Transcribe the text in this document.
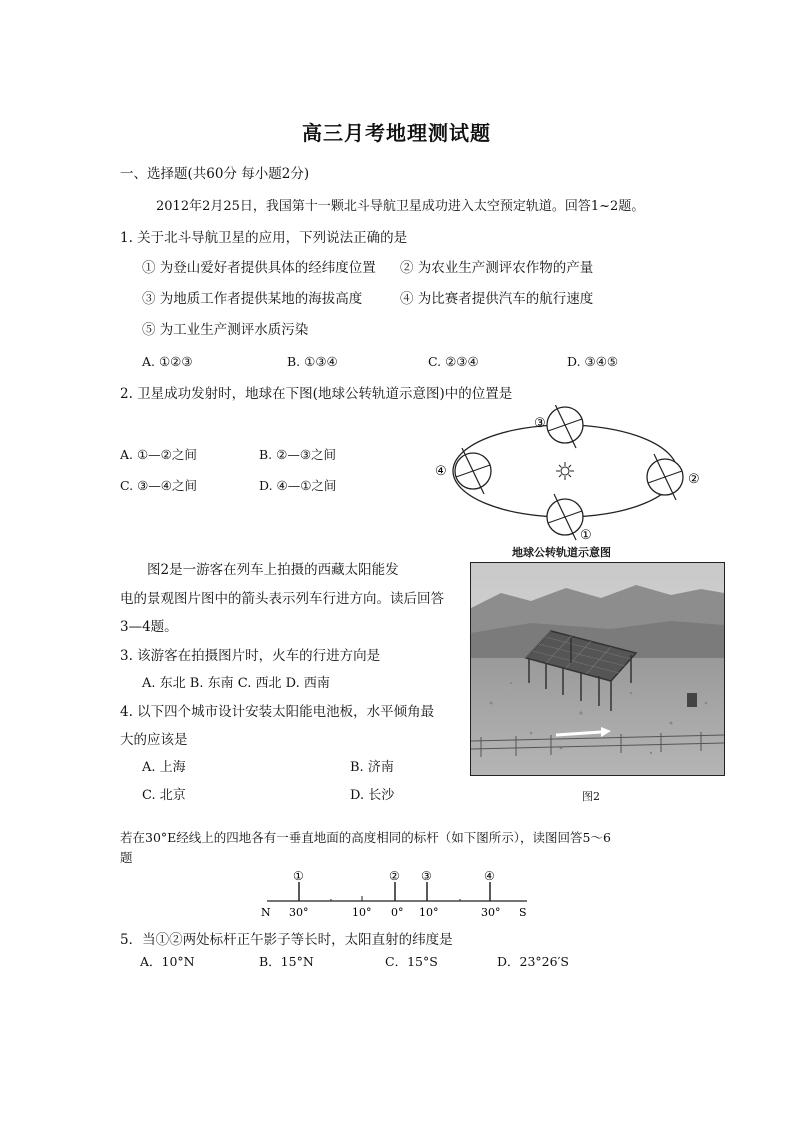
高三月考地理测试题
一、选择题(共60分 每小题2分)
2012年2月25日，我国第十一颗北斗导航卫星成功进入太空预定轨道。回答1~2题。
1. 关于北斗导航卫星的应用，下列说法正确的是
① 为登山爱好者提供具体的经纬度位置 ② 为农业生产测评农作物的产量
③ 为地质工作者提供某地的海拔高度	④ 为比赛者提供汽车的航行速度
⑤ 为工业生产测评水质污染
A. ①②③	B. ①③④	C. ②③④	D. ③④⑤
2. 卫星成功发射时，地球在下图(地球公转轨道示意图)中的位置是
A. ①—②之间	B. ②—③之间
C. ③—④之间	D. ④—①之间
③
①
④
②
地球公转轨道示意图
图2是一游客在列车上拍摄的西藏太阳能发
电的景观图片图中的箭头表示列车行进方向。读后回答
3—4题。
3. 该游客在拍摄图片时，火车的行进方向是
A. 东北 B. 东南 C. 西北 D. 西南
4. 以下四个城市设计安装太阳能电池板，水平倾角最
大的应该是
A. 上海	B. 济南
C. 北京	D. 长沙	图2
若在30°E经线上的四地各有一垂直地面的高度相同的标杆（如下图所示），读图回答5～6
题
①	② ③	④
N 30°	10° 0° 10°	30° S
5．当①②两处标杆正午影子等长时，太阳直射的纬度是
A．10°N	B．15°N	C．15°S	D．23°26′S
